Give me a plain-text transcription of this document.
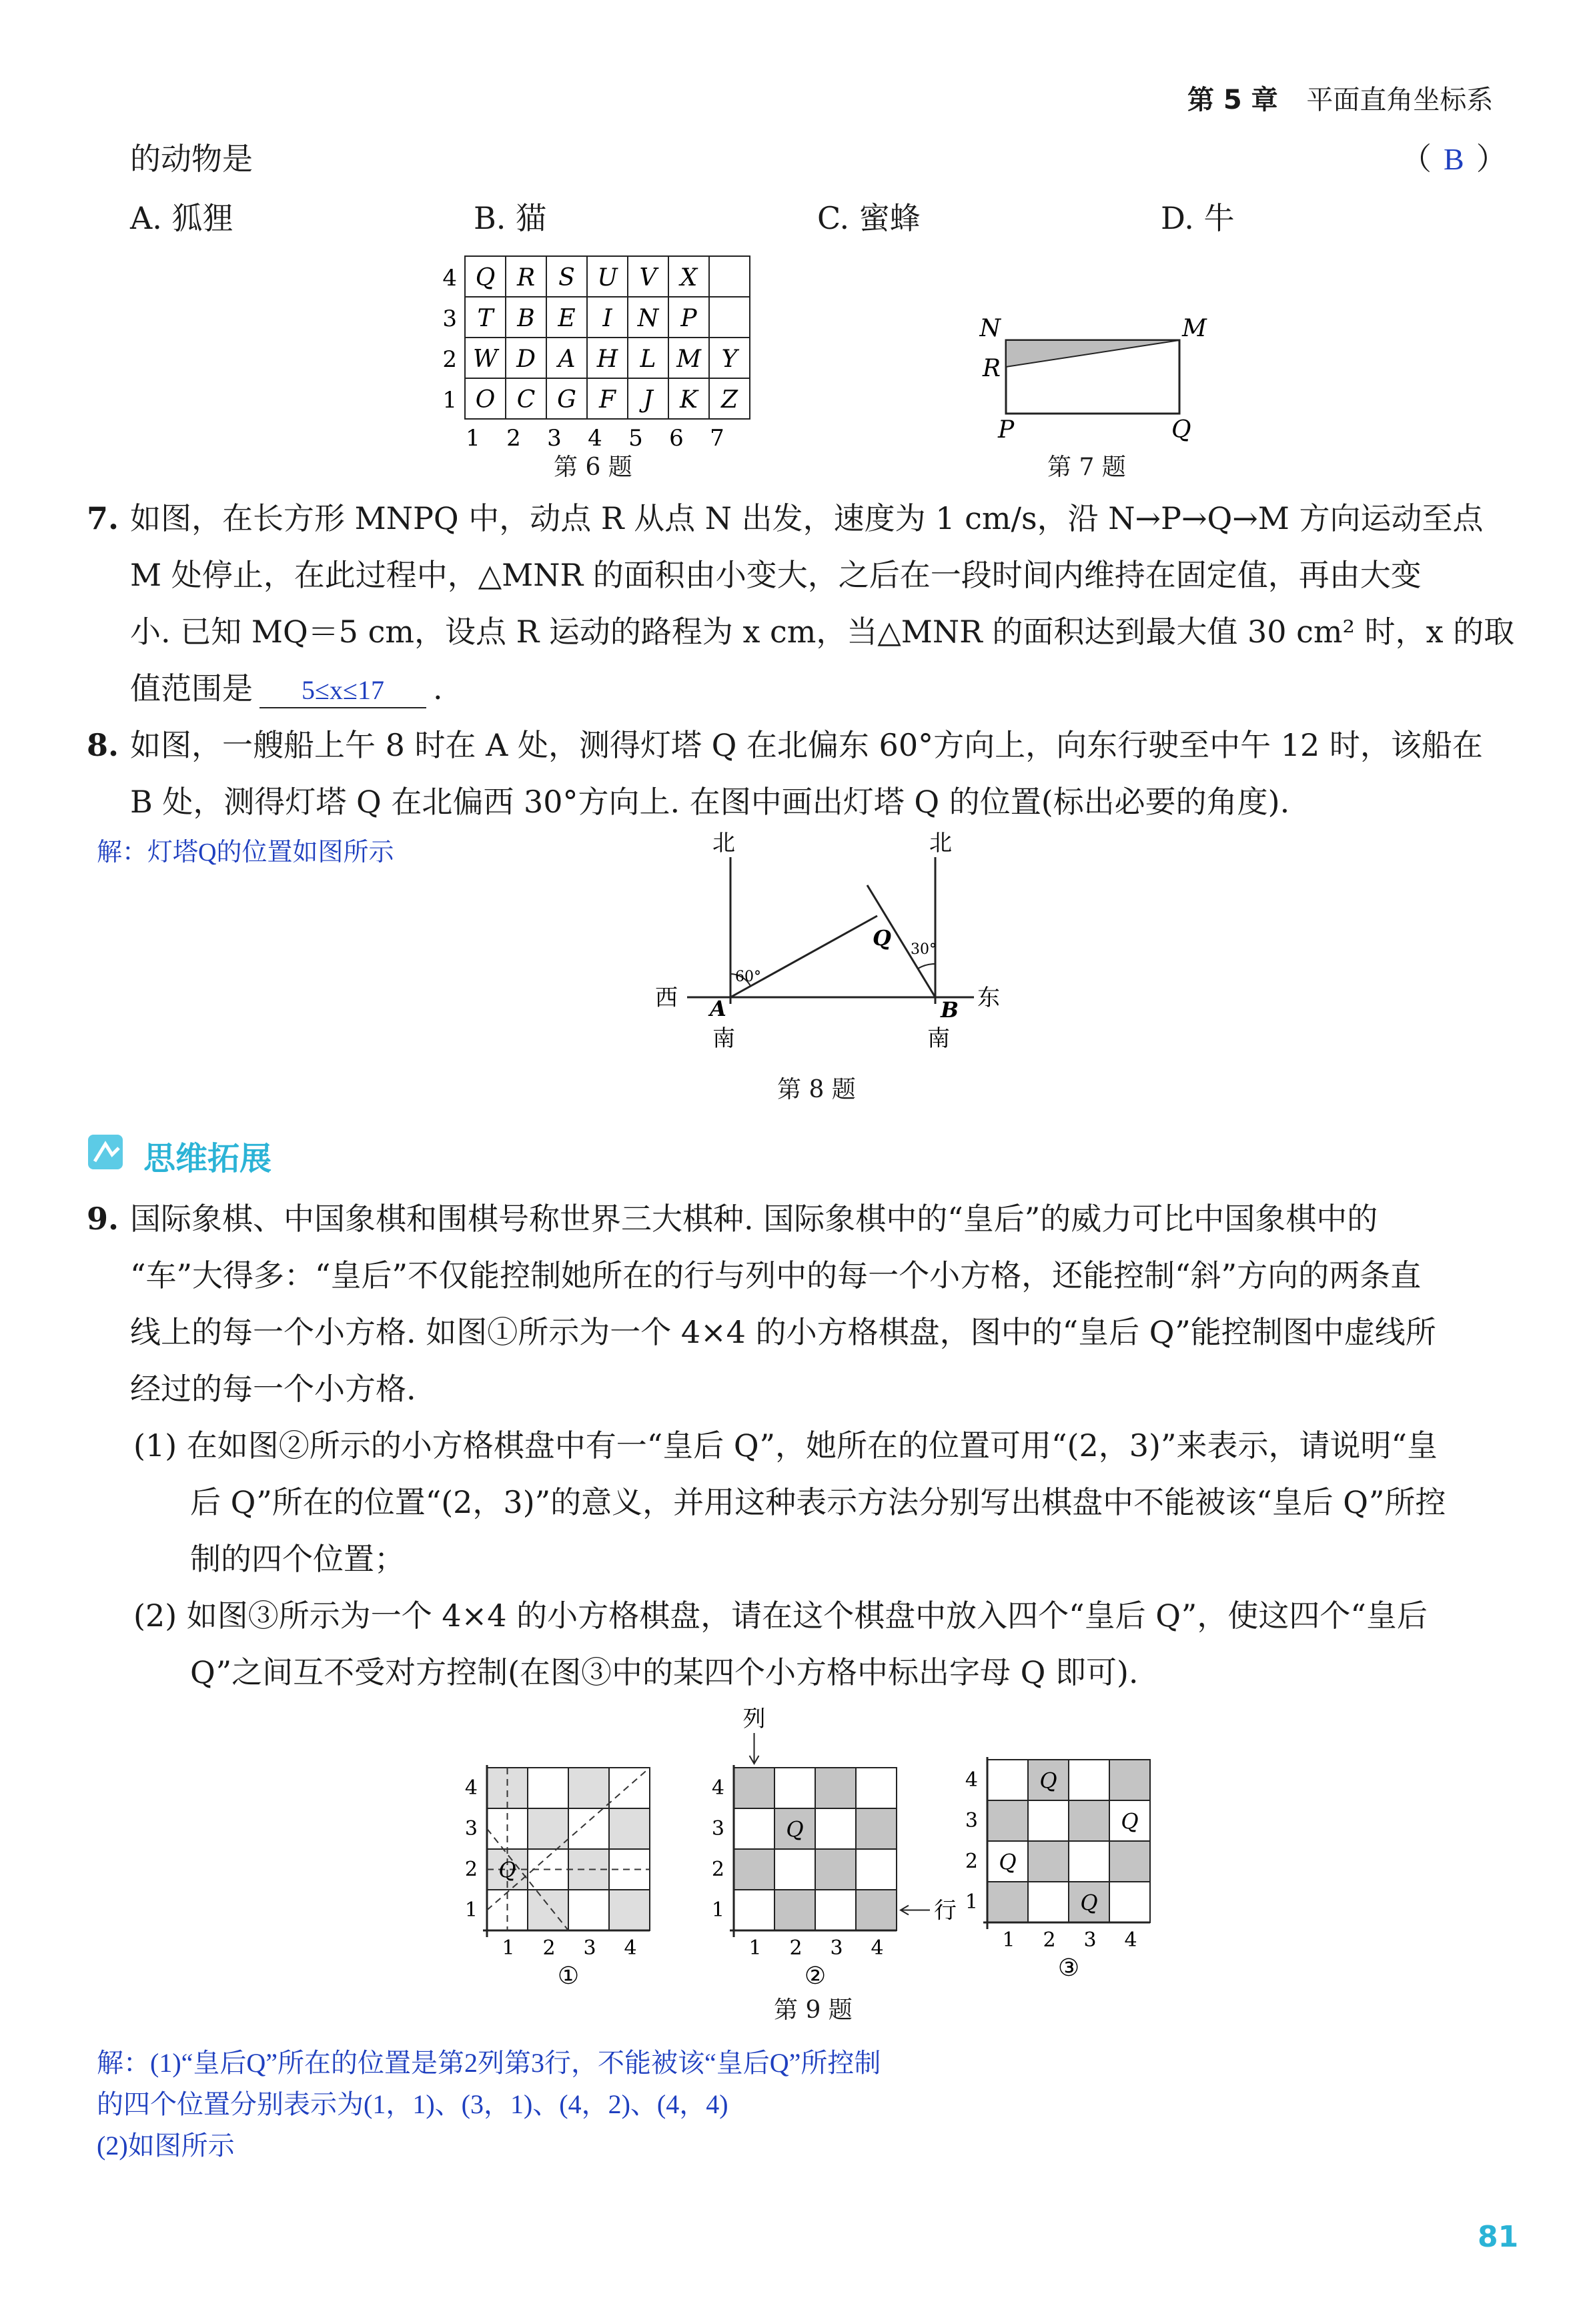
第 5 章 平面直角坐标系
的动物是	（ B ）
A. 狐狸	B. 猫	C. 蜜蜂	D. 牛
4 Q R S U V X
3 T B E I N P
2 W D A H L M Y
1 O C G F J K Z
1 2 3 4 5 6 7
第 6 题
N	M
R
P	Q
第 7 题
7. 如图，在长方形 MNPQ 中，动点 R 从点 N 出发，速度为 1 cm/s，沿 N→P→Q→M 方向运动至点
M 处停止，在此过程中，△MNR 的面积由小变大，之后在一段时间内维持在固定值，再由大变
小. 已知 MQ＝5 cm，设点 R 运动的路程为 x cm，当△MNR 的面积达到最大值 30 cm² 时，x 的取
值范围是 5≤x≤17 .
8. 如图，一艘船上午 8 时在 A 处，测得灯塔 Q 在北偏东 60°方向上，向东行驶至中午 12 时，该船在
B 处，测得灯塔 Q 在北偏西 30°方向上. 在图中画出灯塔 Q 的位置(标出必要的角度).
解：灯塔Q的位置如图所示	北	北
西	东
南	南
A	B
Q
60°
30°
第 8 题
思维拓展
9. 国际象棋、中国象棋和围棋号称世界三大棋种. 国际象棋中的“皇后”的威力可比中国象棋中的
“车”大得多：“皇后”不仅能控制她所在的行与列中的每一个小方格，还能控制“斜”方向的两条直
线上的每一个小方格. 如图①所示为一个 4×4 的小方格棋盘，图中的“皇后 Q”能控制图中虚线所
经过的每一个小方格.
(1) 在如图②所示的小方格棋盘中有一“皇后 Q”，她所在的位置可用“(2，3)”来表示，请说明“皇
后 Q”所在的位置“(2，3)”的意义，并用这种表示方法分别写出棋盘中不能被该“皇后 Q”所控
制的四个位置；
(2) 如图③所示为一个 4×4 的小方格棋盘，请在这个棋盘中放入四个“皇后 Q”，使这四个“皇后
Q”之间互不受对方控制(在图③中的某四个小方格中标出字母 Q 即可).
1
1
2
2
3
3
4
4
①
Q
1
1
2
2
3
3
4
4
②
Q
列
行 1
1
2
2
3
3
4
4
③
Q
Q
Q
Q
第 9 题
解：(1)“皇后Q”所在的位置是第2列第3行，不能被该“皇后Q”所控制
的四个位置分别表示为(1，1)、(3，1)、(4，2)、(4，4)
(2)如图所示
81
